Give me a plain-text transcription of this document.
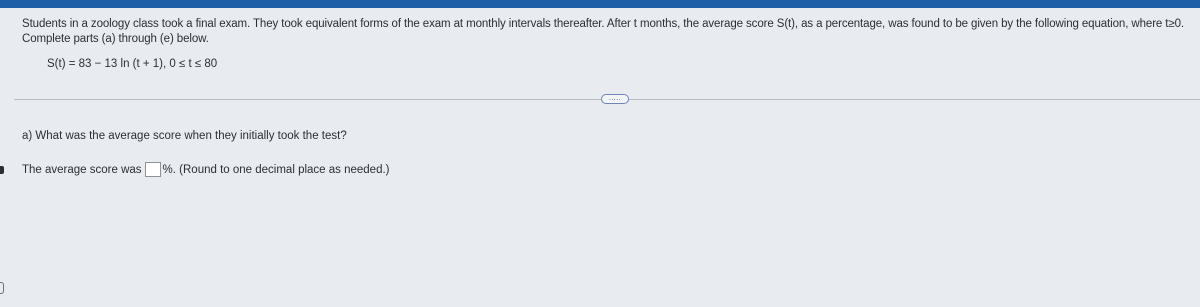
Students in a zoology class took a final exam. They took equivalent forms of the exam at monthly intervals thereafter. After t months, the average score S(t), as a percentage, was found to be given by the following equation, where t≥0. Complete parts (a) through (e) below.

S(t) = 83 − 13 ln (t + 1), 0 ≤ t ≤ 80
.....
a) What was the average score when they initially took the test?
The average score was %. (Round to one decimal place as needed.)
